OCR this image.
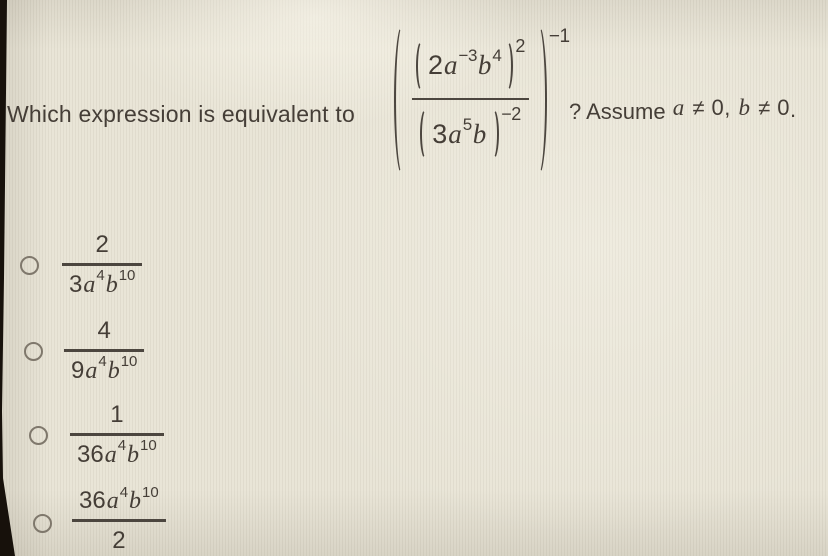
Which expression is equivalent to 2 a −3 b 4 2
3 a 5 b
−2
−1
? Assume a ≠ 0, b ≠ 0.
2
3 a 4 b 10
4
9 a 4 b 10
1
36 a 4 b 10
36 a 4 b 10
2
